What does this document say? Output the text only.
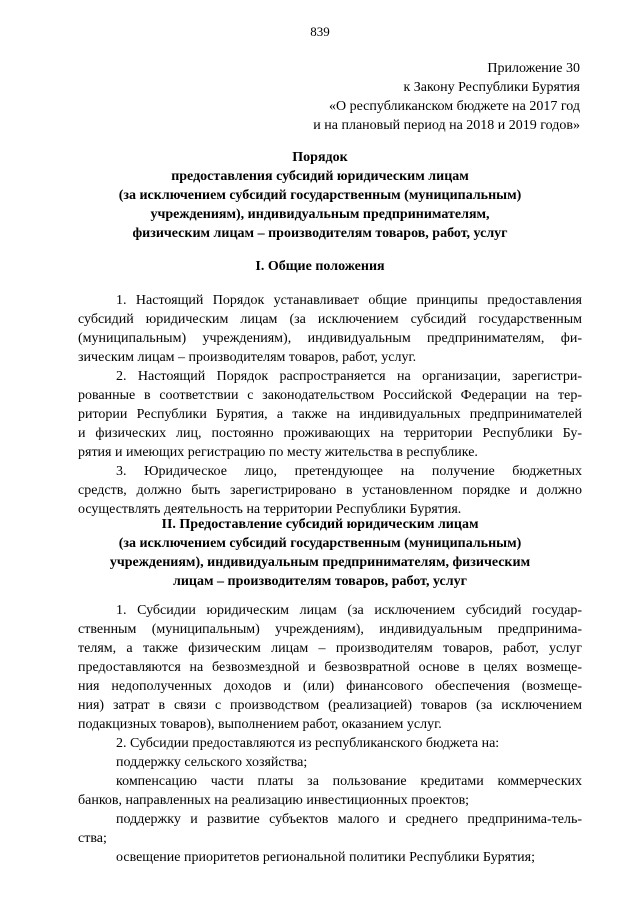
839
Приложение 30
к Закону Республики Бурятия
«О республиканском бюджете на 2017 год
и на плановый период на 2018 и 2019 годов»
Порядок
предоставления субсидий юридическим лицам
(за исключением субсидий государственным (муниципальным)
учреждениям), индивидуальным предпринимателям,
физическим лицам – производителям товаров, работ, услуг
I. Общие положения
1. Настоящий Порядок устанавливает общие принципы предоставления
субсидий юридическим лицам (за исключением субсидий государственным
(муниципальным) учреждениям), индивидуальным предпринимателям, фи-
зическим лицам – производителям товаров, работ, услуг.
2. Настоящий Порядок распространяется на организации, зарегистри-
рованные в соответствии с законодательством Российской Федерации на тер-
ритории Республики Бурятия, а также на индивидуальных предпринимателей
и физических лиц, постоянно проживающих на территории Республики Бу-
рятия и имеющих регистрацию по месту жительства в республике.
3. Юридическое лицо, претендующее на получение бюджетных
средств, должно быть зарегистрировано в установленном порядке и должно
осуществлять деятельность на территории Республики Бурятия.
II. Предоставление субсидий юридическим лицам
(за исключением субсидий государственным (муниципальным)
учреждениям), индивидуальным предпринимателям, физическим
лицам – производителям товаров, работ, услуг
1. Субсидии юридическим лицам (за исключением субсидий государ-
ственным (муниципальным) учреждениям), индивидуальным предпринима-
телям, а также физическим лицам – производителям товаров, работ, услуг
предоставляются на безвозмездной и безвозвратной основе в целях возмеще-
ния недополученных доходов и (или) финансового обеспечения (возмеще-
ния) затрат в связи с производством (реализацией) товаров (за исключением
подакцизных товаров), выполнением работ, оказанием услуг.
2. Субсидии предоставляются из республиканского бюджета на:
поддержку сельского хозяйства;
компенсацию части платы за пользование кредитами коммерческих
банков, направленных на реализацию инвестиционных проектов;
поддержку и развитие субъектов малого и среднего предпринима-тель-
ства;
освещение приоритетов региональной политики Республики Бурятия;
